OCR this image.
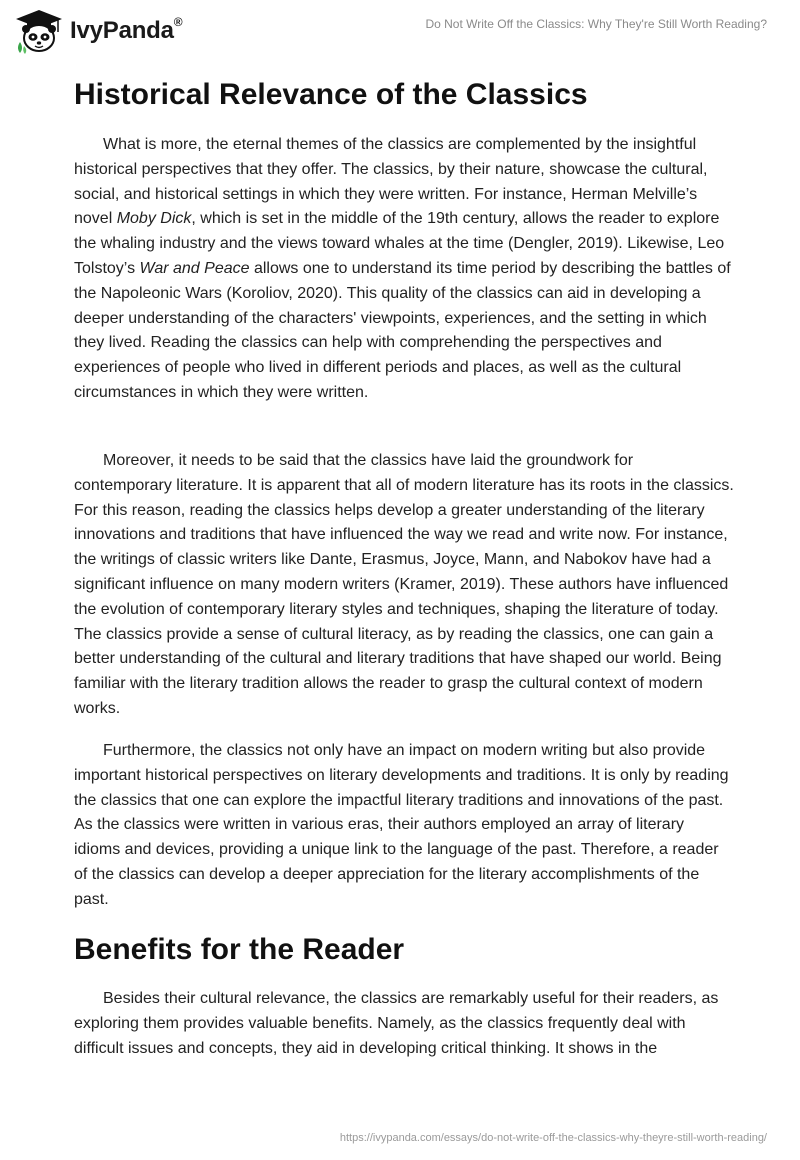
IvyPanda®	Do Not Write Off the Classics: Why They're Still Worth Reading?
Historical Relevance of the Classics

What is more, the eternal themes of the classics are complemented by the insightful historical perspectives that they offer. The classics, by their nature, showcase the cultural, social, and historical settings in which they were written. For instance, Herman Melville’s novel Moby Dick, which is set in the middle of the 19th century, allows the reader to explore the whaling industry and the views toward whales at the time (Dengler, 2019). Likewise, Leo Tolstoy’s War and Peace allows one to understand its time period by describing the battles of the Napoleonic Wars (Koroliov, 2020). This quality of the classics can aid in developing a deeper understanding of the characters' viewpoints, experiences, and the setting in which they lived. Reading the classics can help with comprehending the perspectives and experiences of people who lived in different periods and places, as well as the cultural circumstances in which they were written.

Moreover, it needs to be said that the classics have laid the groundwork for contemporary literature. It is apparent that all of modern literature has its roots in the classics. For this reason, reading the classics helps develop a greater understanding of the literary innovations and traditions that have influenced the way we read and write now. For instance, the writings of classic writers like Dante, Erasmus, Joyce, Mann, and Nabokov have had a significant influence on many modern writers (Kramer, 2019). These authors have influenced the evolution of contemporary literary styles and techniques, shaping the literature of today. The classics provide a sense of cultural literacy, as by reading the classics, one can gain a better understanding of the cultural and literary traditions that have shaped our world. Being familiar with the literary tradition allows the reader to grasp the cultural context of modern works.

Furthermore, the classics not only have an impact on modern writing but also provide important historical perspectives on literary developments and traditions. It is only by reading the classics that one can explore the impactful literary traditions and innovations of the past. As the classics were written in various eras, their authors employed an array of literary idioms and devices, providing a unique link to the language of the past. Therefore, a reader of the classics can develop a deeper appreciation for the literary accomplishments of the past.

Benefits for the Reader

Besides their cultural relevance, the classics are remarkably useful for their readers, as exploring them provides valuable benefits. Namely, as the classics frequently deal with difficult issues and concepts, they aid in developing critical thinking. It shows in the

https://ivypanda.com/essays/do-not-write-off-the-classics-why-theyre-still-worth-reading/
